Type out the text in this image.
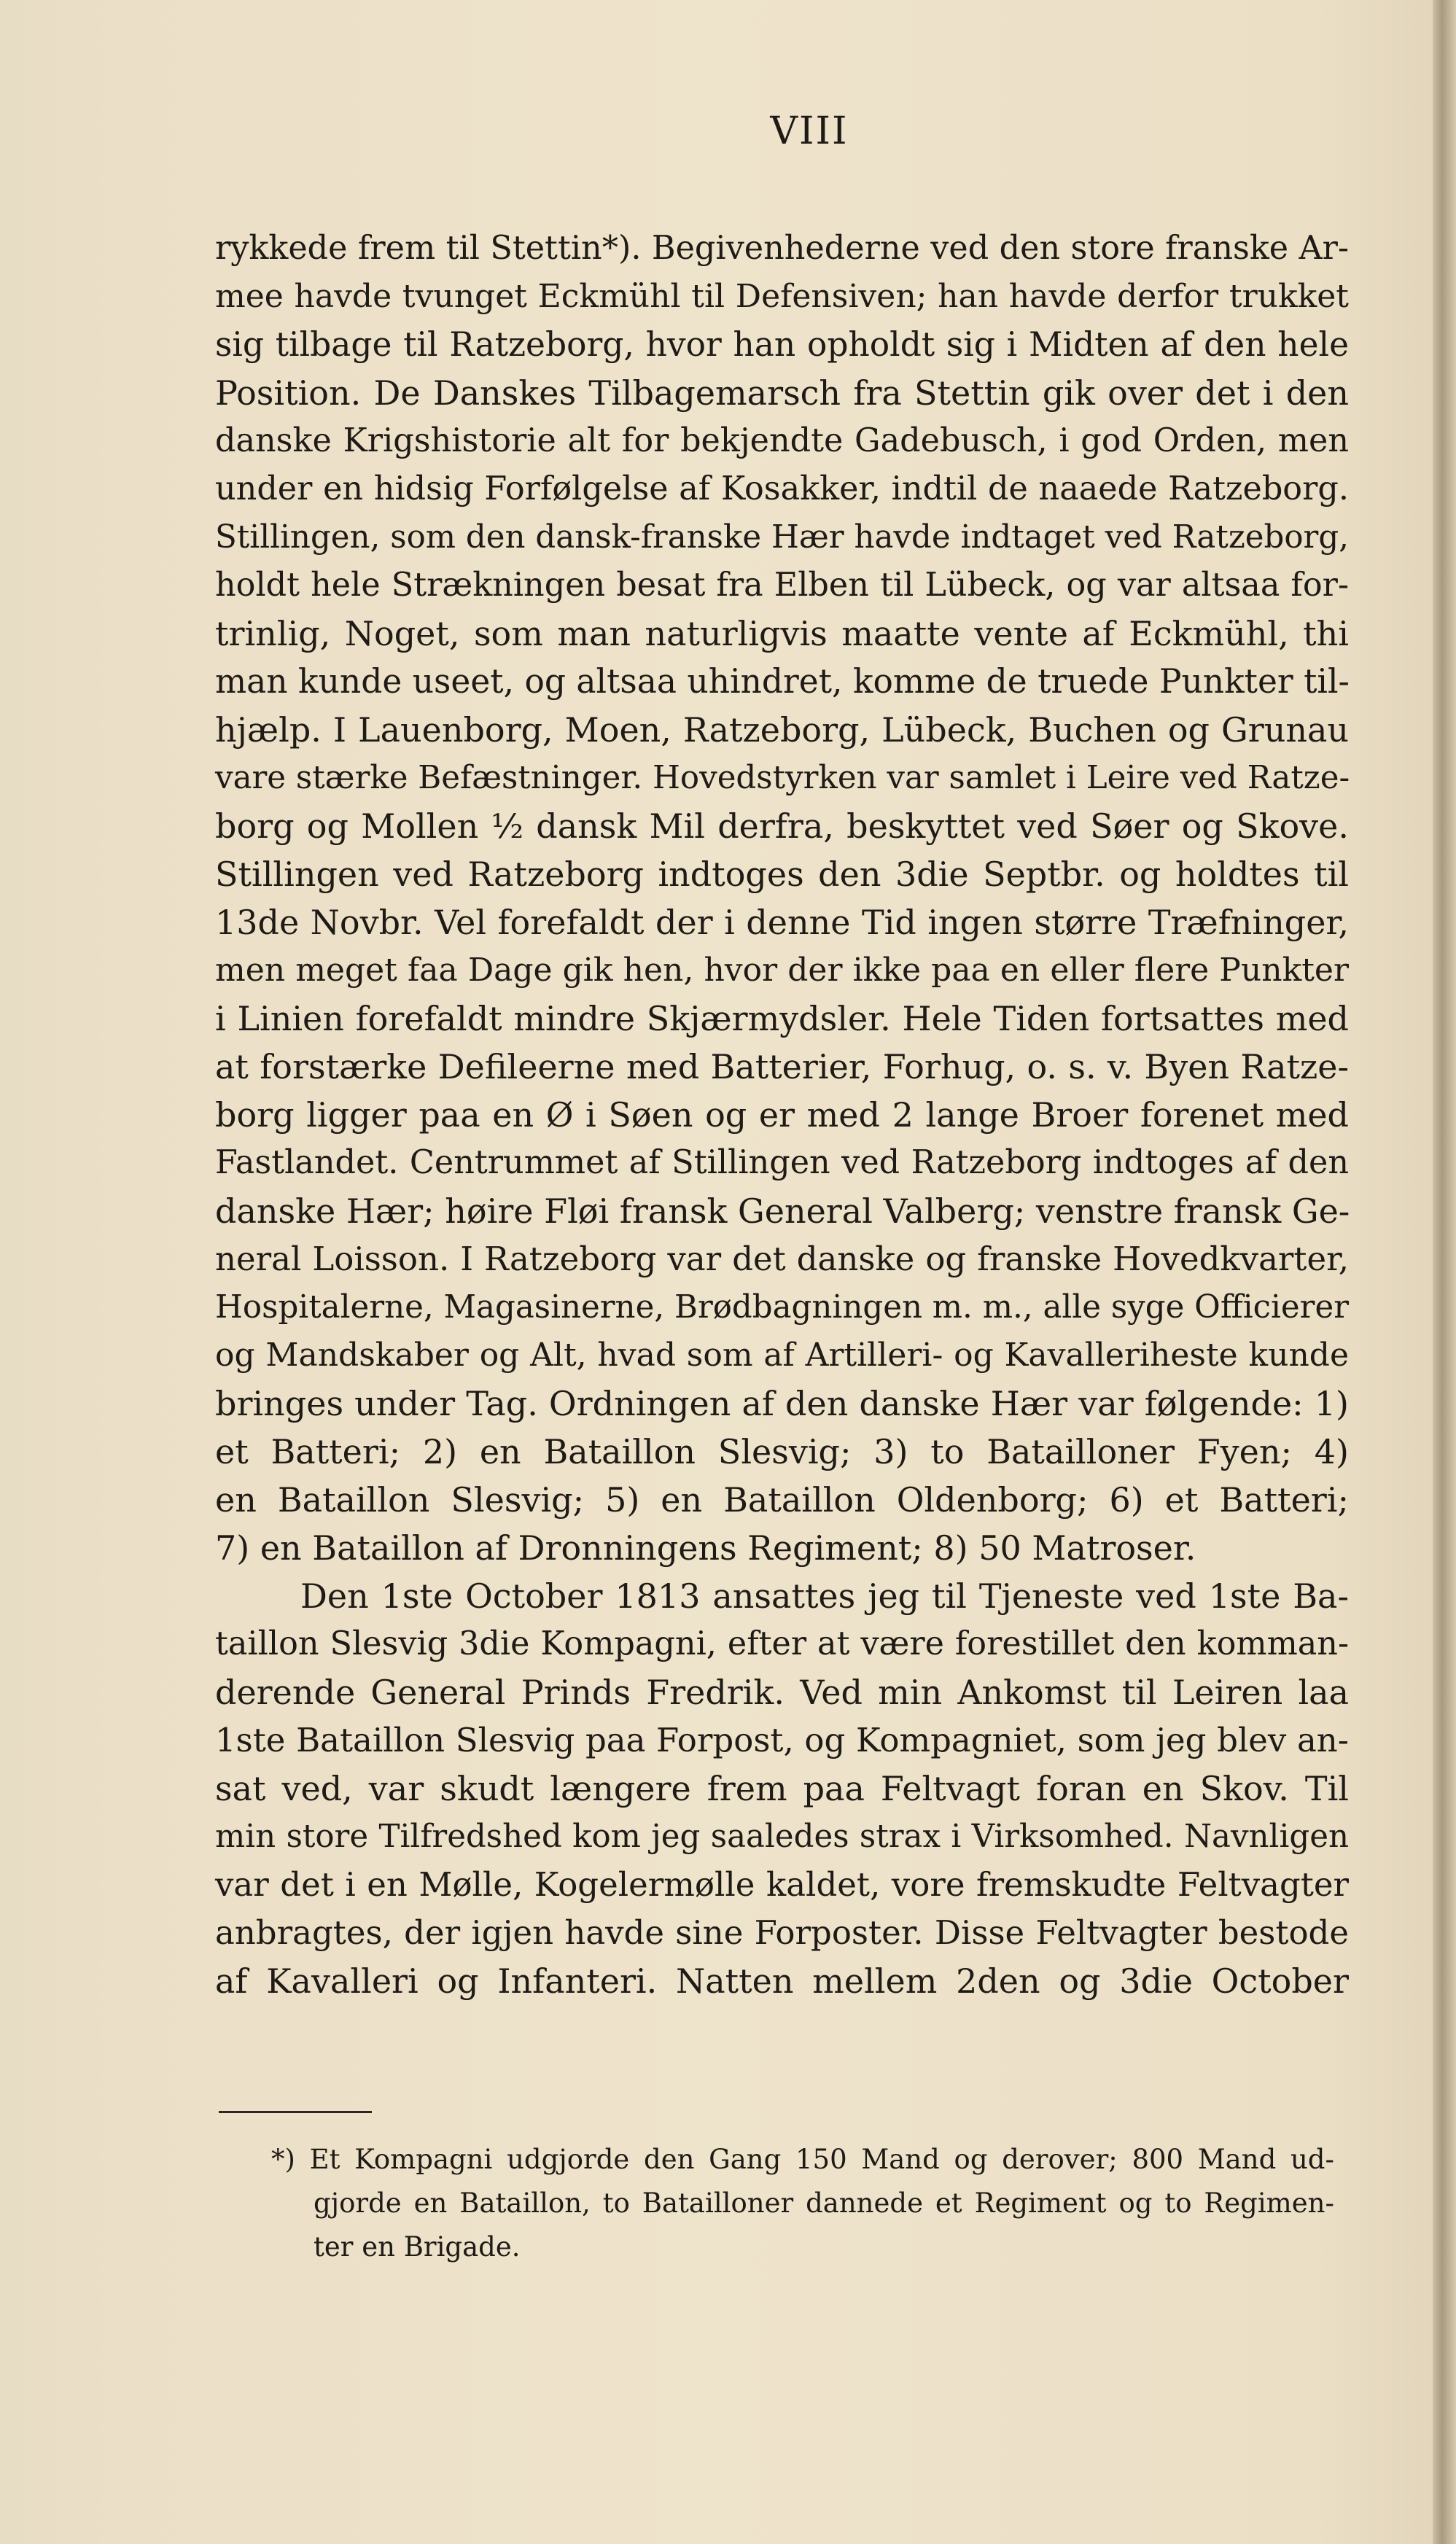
VIII
rykkede frem til Stettin*). Begivenhederne ved den store franske Ar-
mee havde tvunget Eckmühl til Defensiven; han havde derfor trukket
sig tilbage til Ratzeborg, hvor han opholdt sig i Midten af den hele
Position. De Danskes Tilbagemarsch fra Stettin gik over det i den
danske Krigshistorie alt for bekjendte Gadebusch, i god Orden, men
under en hidsig Forfølgelse af Kosakker, indtil de naaede Ratzeborg.
Stillingen, som den dansk-franske Hær havde indtaget ved Ratzeborg,
holdt hele Strækningen besat fra Elben til Lübeck, og var altsaa for-
trinlig, Noget, som man naturligvis maatte vente af Eckmühl, thi
man kunde useet, og altsaa uhindret, komme de truede Punkter til-
hjælp. I Lauenborg, Moen, Ratzeborg, Lübeck, Buchen og Grunau
vare stærke Befæstninger. Hovedstyrken var samlet i Leire ved Ratze-
borg og Mollen ½ dansk Mil derfra, beskyttet ved Søer og Skove.
Stillingen ved Ratzeborg indtoges den 3die Septbr. og holdtes til
13de Novbr. Vel forefaldt der i denne Tid ingen større Træfninger,
men meget faa Dage gik hen, hvor der ikke paa en eller flere Punkter
i Linien forefaldt mindre Skjærmydsler. Hele Tiden fortsattes med
at forstærke Defileerne med Batterier, Forhug, o. s. v. Byen Ratze-
borg ligger paa en Ø i Søen og er med 2 lange Broer forenet med
Fastlandet. Centrummet af Stillingen ved Ratzeborg indtoges af den
danske Hær; høire Fløi fransk General Valberg; venstre fransk Ge-
neral Loisson. I Ratzeborg var det danske og franske Hovedkvarter,
Hospitalerne, Magasinerne, Brødbagningen m. m., alle syge Officierer
og Mandskaber og Alt, hvad som af Artilleri- og Kavalleriheste kunde
bringes under Tag. Ordningen af den danske Hær var følgende: 1)
et Batteri; 2) en Bataillon Slesvig; 3) to Bataillоner Fyen; 4)
en Bataillon Slesvig; 5) en Bataillon Oldenborg; 6) et Batteri;
7) en Bataillon af Dronningens Regiment; 8) 50 Matroser.
Den 1ste October 1813 ansattes jeg til Tjeneste ved 1ste Ba-
taillon Slesvig 3die Kompagni, efter at være forestillet den komman-
derende General Prinds Fredrik. Ved min Ankomst til Leiren laa
1ste Bataillon Slesvig paa Forpost, og Kompagniet, som jeg blev an-
sat ved, var skudt længere frem paa Feltvagt foran en Skov. Til
min store Tilfredshed kom jeg saaledes strax i Virksomhed. Navnligen
var det i en Mølle, Kogelermølle kaldet, vore fremskudte Feltvagter
anbragtes, der igjen havde sine Forposter. Disse Feltvagter bestode
af Kavalleri og Infanteri. Natten mellem 2den og 3die October
*) Et Kompagni udgjorde den Gang 150 Mand og derover; 800 Mand ud-
gjorde en Bataillon, to Bataillоner dannede et Regiment og to Regimen-
ter en Brigade.
